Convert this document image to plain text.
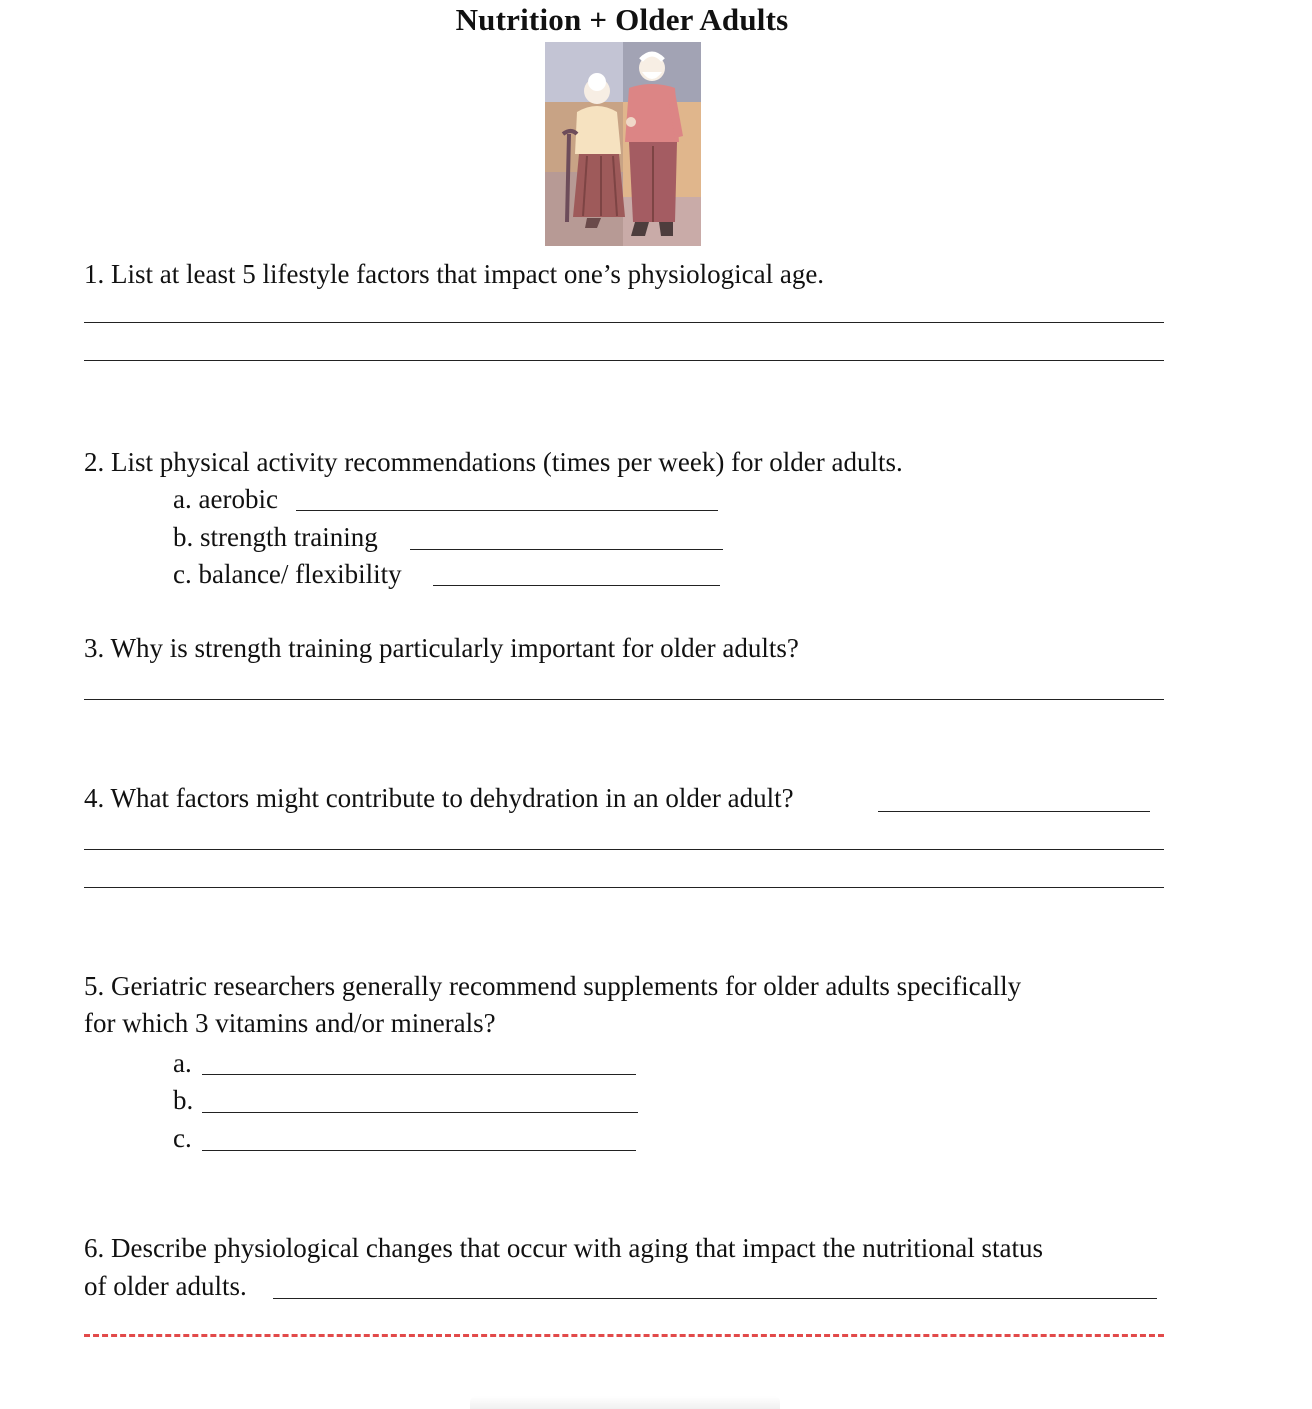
Nutrition + Older Adults
1. List at least 5 lifestyle factors that impact one’s physiological age.
2. List physical activity recommendations (times per week) for older adults.
a. aerobic
b. strength training
c. balance/ flexibility
3. Why is strength training particularly important for older adults?
4. What factors might contribute to dehydration in an older adult?
5. Geriatric researchers generally recommend supplements for older adults specifically
for which 3 vitamins and/or minerals?
a.
b.
c.
6. Describe physiological changes that occur with aging that impact the nutritional status
of older adults.
